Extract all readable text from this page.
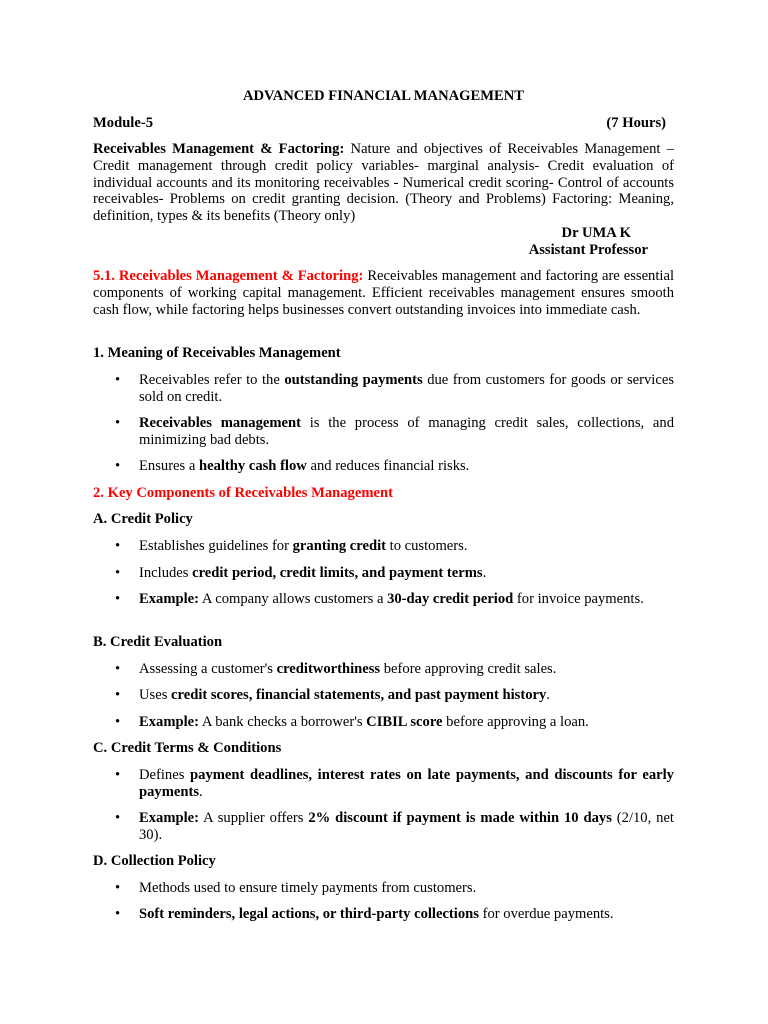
ADVANCED FINANCIAL MANAGEMENT
Module-5	(7 Hours)
Receivables Management & Factoring: Nature and objectives of Receivables Management – Credit management through credit policy variables- marginal analysis- Credit evaluation of individual accounts and its monitoring receivables - Numerical credit scoring- Control of accounts receivables- Problems on credit granting decision. (Theory and Problems) Factoring: Meaning, definition, types & its benefits (Theory only)
Dr UMA K
Assistant Professor
5.1. Receivables Management & Factoring: Receivables management and factoring are essential components of working capital management. Efficient receivables management ensures smooth cash flow, while factoring helps businesses convert outstanding invoices into immediate cash.
1. Meaning of Receivables Management
• Receivables refer to the outstanding payments due from customers for goods or services sold on credit.
• Receivables management is the process of managing credit sales, collections, and minimizing bad debts.
• Ensures a healthy cash flow and reduces financial risks.
2. Key Components of Receivables Management
A. Credit Policy
• Establishes guidelines for granting credit to customers.
• Includes credit period, credit limits, and payment terms.
• Example: A company allows customers a 30-day credit period for invoice payments.
B. Credit Evaluation
• Assessing a customer's creditworthiness before approving credit sales.
• Uses credit scores, financial statements, and past payment history.
• Example: A bank checks a borrower's CIBIL score before approving a loan.
C. Credit Terms & Conditions
• Defines payment deadlines, interest rates on late payments, and discounts for early payments.
• Example: A supplier offers 2% discount if payment is made within 10 days (2/10, net 30).
D. Collection Policy
• Methods used to ensure timely payments from customers.
• Soft reminders, legal actions, or third-party collections for overdue payments.
